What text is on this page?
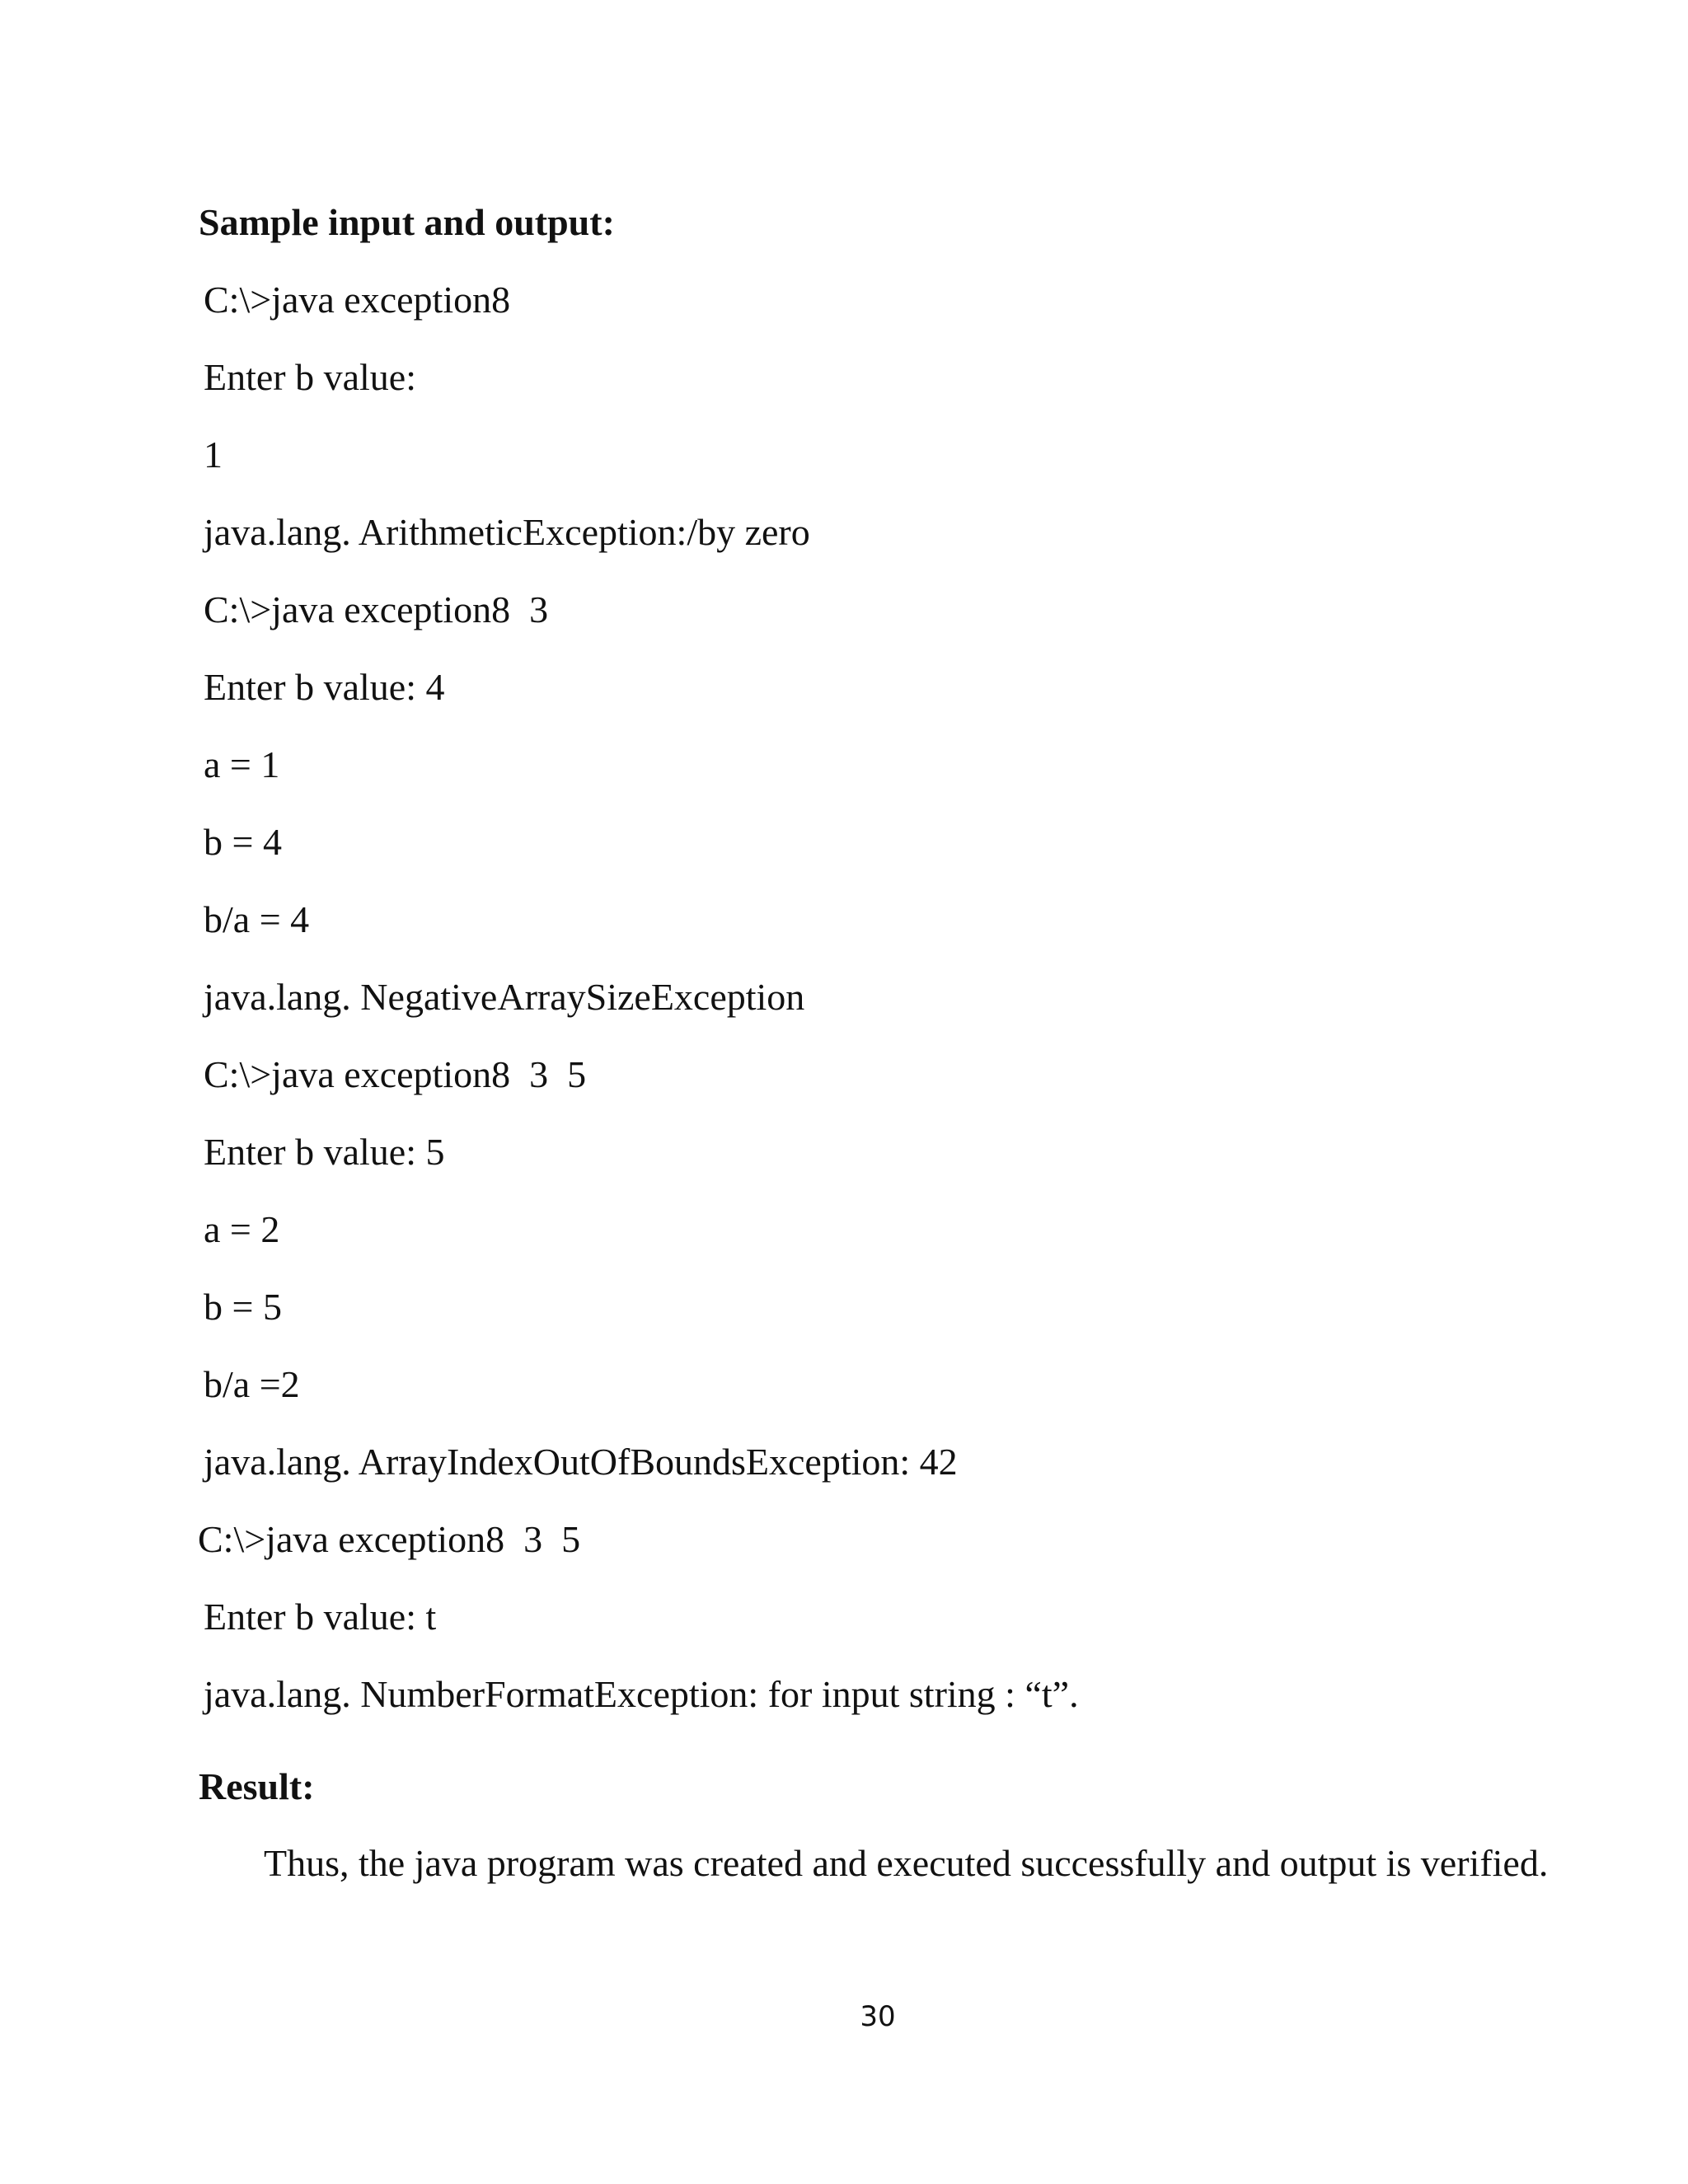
Sample input and output:
C:\>java exception8
Enter b value:
1
java.lang. ArithmeticException:/by zero
C:\>java exception8  3
Enter b value: 4
a = 1
b = 4
b/a = 4
java.lang. NegativeArraySizeException
C:\>java exception8  3  5
Enter b value: 5
a = 2
b = 5
b/a =2
java.lang. ArrayIndexOutOfBoundsException: 42
C:\>java exception8  3  5
Enter b value: t
java.lang. NumberFormatException: for input string : “t”.
Result:
Thus, the java program was created and executed successfully and output is verified.
30
